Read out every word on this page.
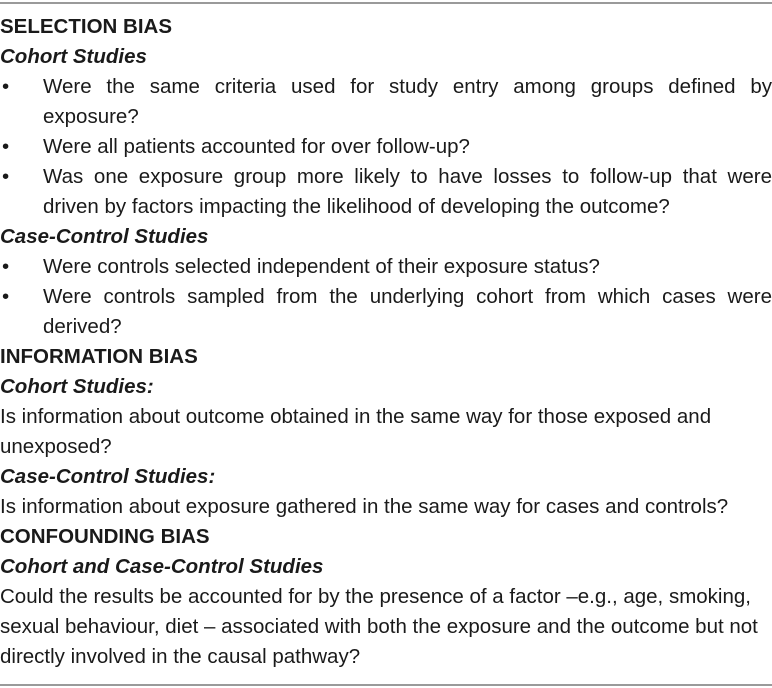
SELECTION BIAS
Cohort Studies
•	Were the same criteria used for study entry among groups defined by exposure?
•	Were all patients accounted for over follow-up?
•	Was one exposure group more likely to have losses to follow-up that were driven by factors impacting the likelihood of developing the outcome?
Case-Control Studies
•	Were controls selected independent of their exposure status?
•	Were controls sampled from the underlying cohort from which cases were derived?
INFORMATION BIAS
Cohort Studies:
Is information about outcome obtained in the same way for those exposed and unexposed?
Case-Control Studies:
Is information about exposure gathered in the same way for cases and controls?
CONFOUNDING BIAS
Cohort and Case-Control Studies
Could the results be accounted for by the presence of a factor –e.g., age, smoking, sexual behaviour, diet – associated with both the exposure and the outcome but not directly involved in the causal pathway?
